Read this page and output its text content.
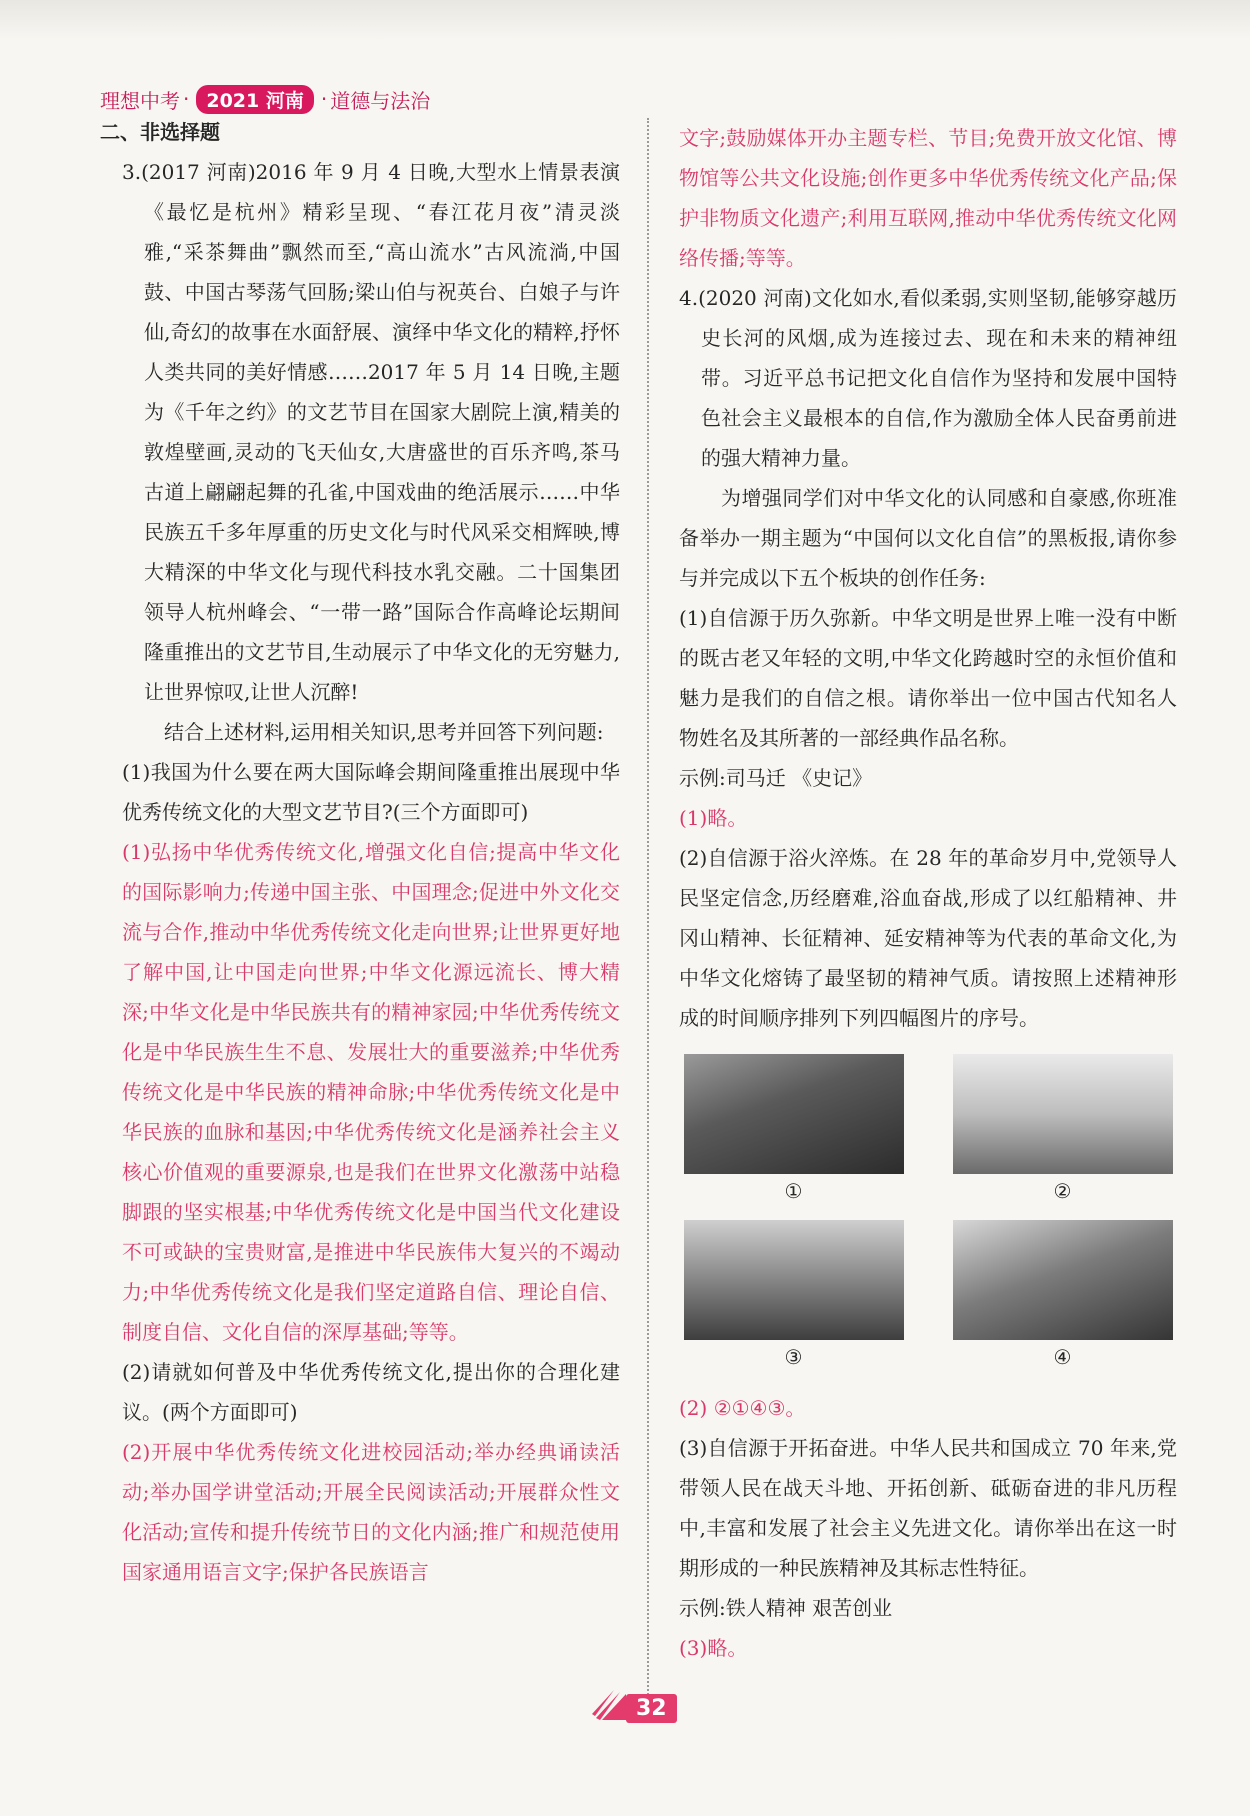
理想中考 · 2021 河南 · 道德与法治
二、非选择题

3.(2017 河南)2016 年 9 月 4 日晚,大型水上情景表演《最忆是杭州》精彩呈现、“春江花月夜”清灵淡雅,“采茶舞曲”飘然而至,“高山流水”古风流淌,中国鼓、中国古琴荡气回肠;梁山伯与祝英台、白娘子与许仙,奇幻的故事在水面舒展、演绎中华文化的精粹,抒怀人类共同的美好情感……2017 年 5 月 14 日晚,主题为《千年之约》的文艺节目在国家大剧院上演,精美的敦煌壁画,灵动的飞天仙女,大唐盛世的百乐齐鸣,茶马古道上翩翩起舞的孔雀,中国戏曲的绝活展示……中华民族五千多年厚重的历史文化与时代风采交相辉映,博大精深的中华文化与现代科技水乳交融。二十国集团领导人杭州峰会、“一带一路”国际合作高峰论坛期间隆重推出的文艺节目,生动展示了中华文化的无穷魅力,让世界惊叹,让世人沉醉!

结合上述材料,运用相关知识,思考并回答下列问题:

(1)我国为什么要在两大国际峰会期间隆重推出展现中华优秀传统文化的大型文艺节目?(三个方面即可)

(1)弘扬中华优秀传统文化,增强文化自信;提高中华文化的国际影响力;传递中国主张、中国理念;促进中外文化交流与合作,推动中华优秀传统文化走向世界;让世界更好地了解中国,让中国走向世界;中华文化源远流长、博大精深;中华文化是中华民族共有的精神家园;中华优秀传统文化是中华民族生生不息、发展壮大的重要滋养;中华优秀传统文化是中华民族的精神命脉;中华优秀传统文化是中华民族的血脉和基因;中华优秀传统文化是涵养社会主义核心价值观的重要源泉,也是我们在世界文化激荡中站稳脚跟的坚实根基;中华优秀传统文化是中国当代文化建设不可或缺的宝贵财富,是推进中华民族伟大复兴的不竭动力;中华优秀传统文化是我们坚定道路自信、理论自信、制度自信、文化自信的深厚基础;等等。

(2)请就如何普及中华优秀传统文化,提出你的合理化建议。(两个方面即可)

(2)开展中华优秀传统文化进校园活动;举办经典诵读活动;举办国学讲堂活动;开展全民阅读活动;开展群众性文化活动;宣传和提升传统节日的文化内涵;推广和规范使用国家通用语言文字;保护各民族语言

文字;鼓励媒体开办主题专栏、节目;免费开放文化馆、博物馆等公共文化设施;创作更多中华优秀传统文化产品;保护非物质文化遗产;利用互联网,推动中华优秀传统文化网络传播;等等。

4.(2020 河南)文化如水,看似柔弱,实则坚韧,能够穿越历史长河的风烟,成为连接过去、现在和未来的精神纽带。习近平总书记把文化自信作为坚持和发展中国特色社会主义最根本的自信,作为激励全体人民奋勇前进的强大精神力量。

为增强同学们对中华文化的认同感和自豪感,你班准备举办一期主题为“中国何以文化自信”的黑板报,请你参与并完成以下五个板块的创作任务:

(1)自信源于历久弥新。中华文明是世界上唯一没有中断的既古老又年轻的文明,中华文化跨越时空的永恒价值和魅力是我们的自信之根。请你举出一位中国古代知名人物姓名及其所著的一部经典作品名称。

示例:司马迁 《史记》

(1)略。

(2)自信源于浴火淬炼。在 28 年的革命岁月中,党领导人民坚定信念,历经磨难,浴血奋战,形成了以红船精神、井冈山精神、长征精神、延安精神等为代表的革命文化,为中华文化熔铸了最坚韧的精神气质。请按照上述精神形成的时间顺序排列下列四幅图片的序号。

①	②
③	④

(2) ②①④③。

(3)自信源于开拓奋进。中华人民共和国成立 70 年来,党带领人民在战天斗地、开拓创新、砥砺奋进的非凡历程中,丰富和发展了社会主义先进文化。请你举出在这一时期形成的一种民族精神及其标志性特征。

示例:铁人精神 艰苦创业

(3)略。

32
